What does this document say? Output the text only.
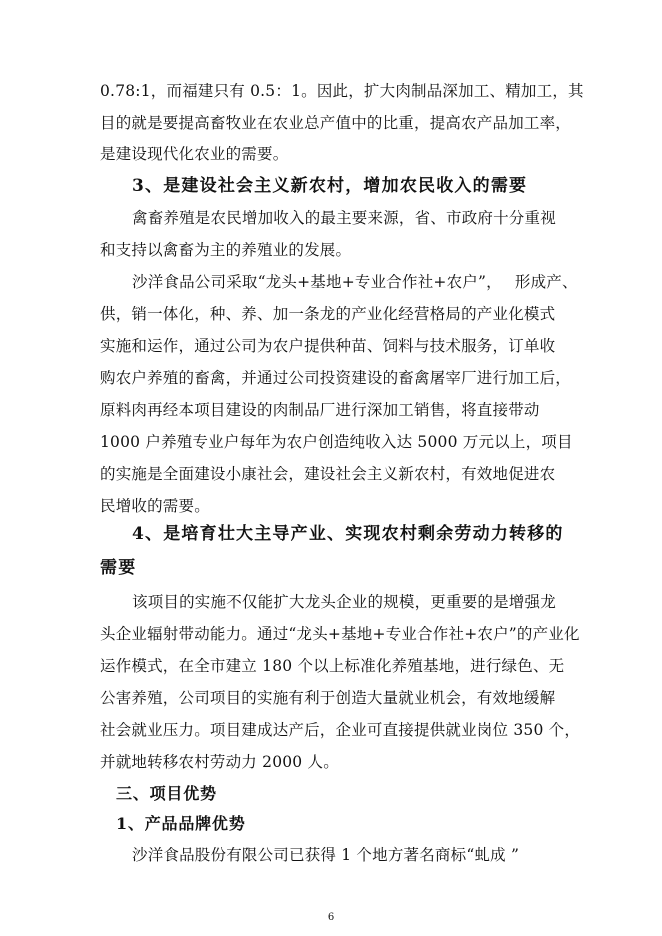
0.78:1，而福建只有 0.5：1。因此，扩大肉制品深加工、精加工，其
目的就是要提高畜牧业在农业总产值中的比重，提高农产品加工率，
是建设现代化农业的需要。
3、是建设社会主义新农村，增加农民收入的需要
禽畜养殖是农民增加收入的最主要来源，省、市政府十分重视
和支持以禽畜为主的养殖业的发展。
沙洋食品公司采取“龙头+基地+专业合作社+农户”，　 形成产、
供，销一体化，种、养、加一条龙的产业化经营格局的产业化模式
实施和运作，通过公司为农户提供种苗、饲料与技术服务，订单收
购农户养殖的畜禽，并通过公司投资建设的畜禽屠宰厂进行加工后，
原料肉再经本项目建设的肉制品厂进行深加工销售，将直接带动
1000 户养殖专业户每年为农户创造纯收入达 5000 万元以上，项目
的实施是全面建设小康社会，建设社会主义新农村，有效地促进农
民增收的需要。
4、是培育壮大主导产业、实现农村剩余劳动力转移的
需要
该项目的实施不仅能扩大龙头企业的规模，更重要的是增强龙
头企业辐射带动能力。通过“龙头+基地+专业合作社+农户”的产业化
运作模式，在全市建立 180 个以上标准化养殖基地，进行绿色、无
公害养殖，公司项目的实施有利于创造大量就业机会，有效地缓解
社会就业压力。项目建成达产后，企业可直接提供就业岗位 350 个，
并就地转移农村劳动力 2000 人。
三、项目优势
1、产品品牌优势
沙洋食品股份有限公司已获得 1 个地方著名商标“虬成 ”
6
